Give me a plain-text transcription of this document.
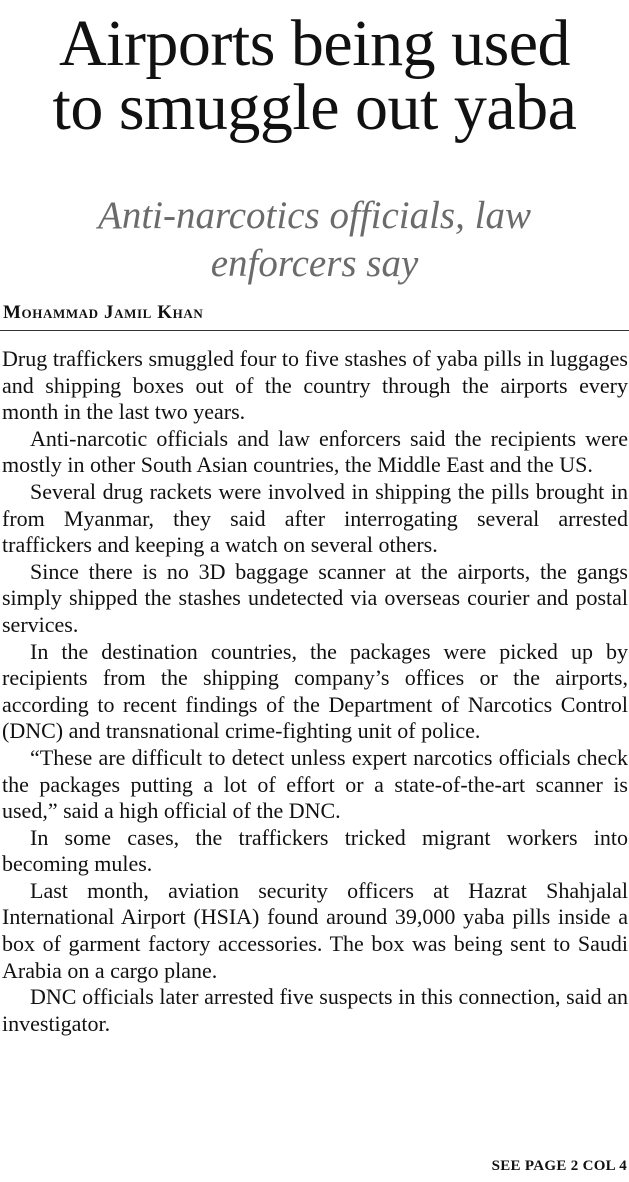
Airports being used
to smuggle out yaba
Anti-narcotics officials, law
enforcers say
Mohammad Jamil Khan

Drug traffickers smuggled four to five stashes of yaba pills in luggages and shipping boxes out of the country through the airports every month in the last two years.

Anti-narcotic officials and law enforcers said the recipients were mostly in other South Asian countries, the Middle East and the US.

Several drug rackets were involved in shipping the pills brought in from Myanmar, they said after interrogating several arrested traffickers and keeping a watch on several others.

Since there is no 3D baggage scanner at the airports, the gangs simply shipped the stashes undetected via overseas courier and postal services.

In the destination countries, the packages were picked up by recipients from the shipping company’s offices or the airports, according to recent findings of the Department of Narcotics Control (DNC) and transnational crime-fighting unit of police.

“These are difficult to detect unless expert narcotics officials check the packages putting a lot of effort or a state-of-the-art scanner is used,” said a high official of the DNC.

In some cases, the traffickers tricked migrant workers into becoming mules.

Last month, aviation security officers at Hazrat Shahjalal International Airport (HSIA) found around 39,000 yaba pills inside a box of garment factory accessories. The box was being sent to Saudi Arabia on a cargo plane.

DNC officials later arrested five suspects in this connection, said an investigator.

SEE PAGE 2 COL 4
